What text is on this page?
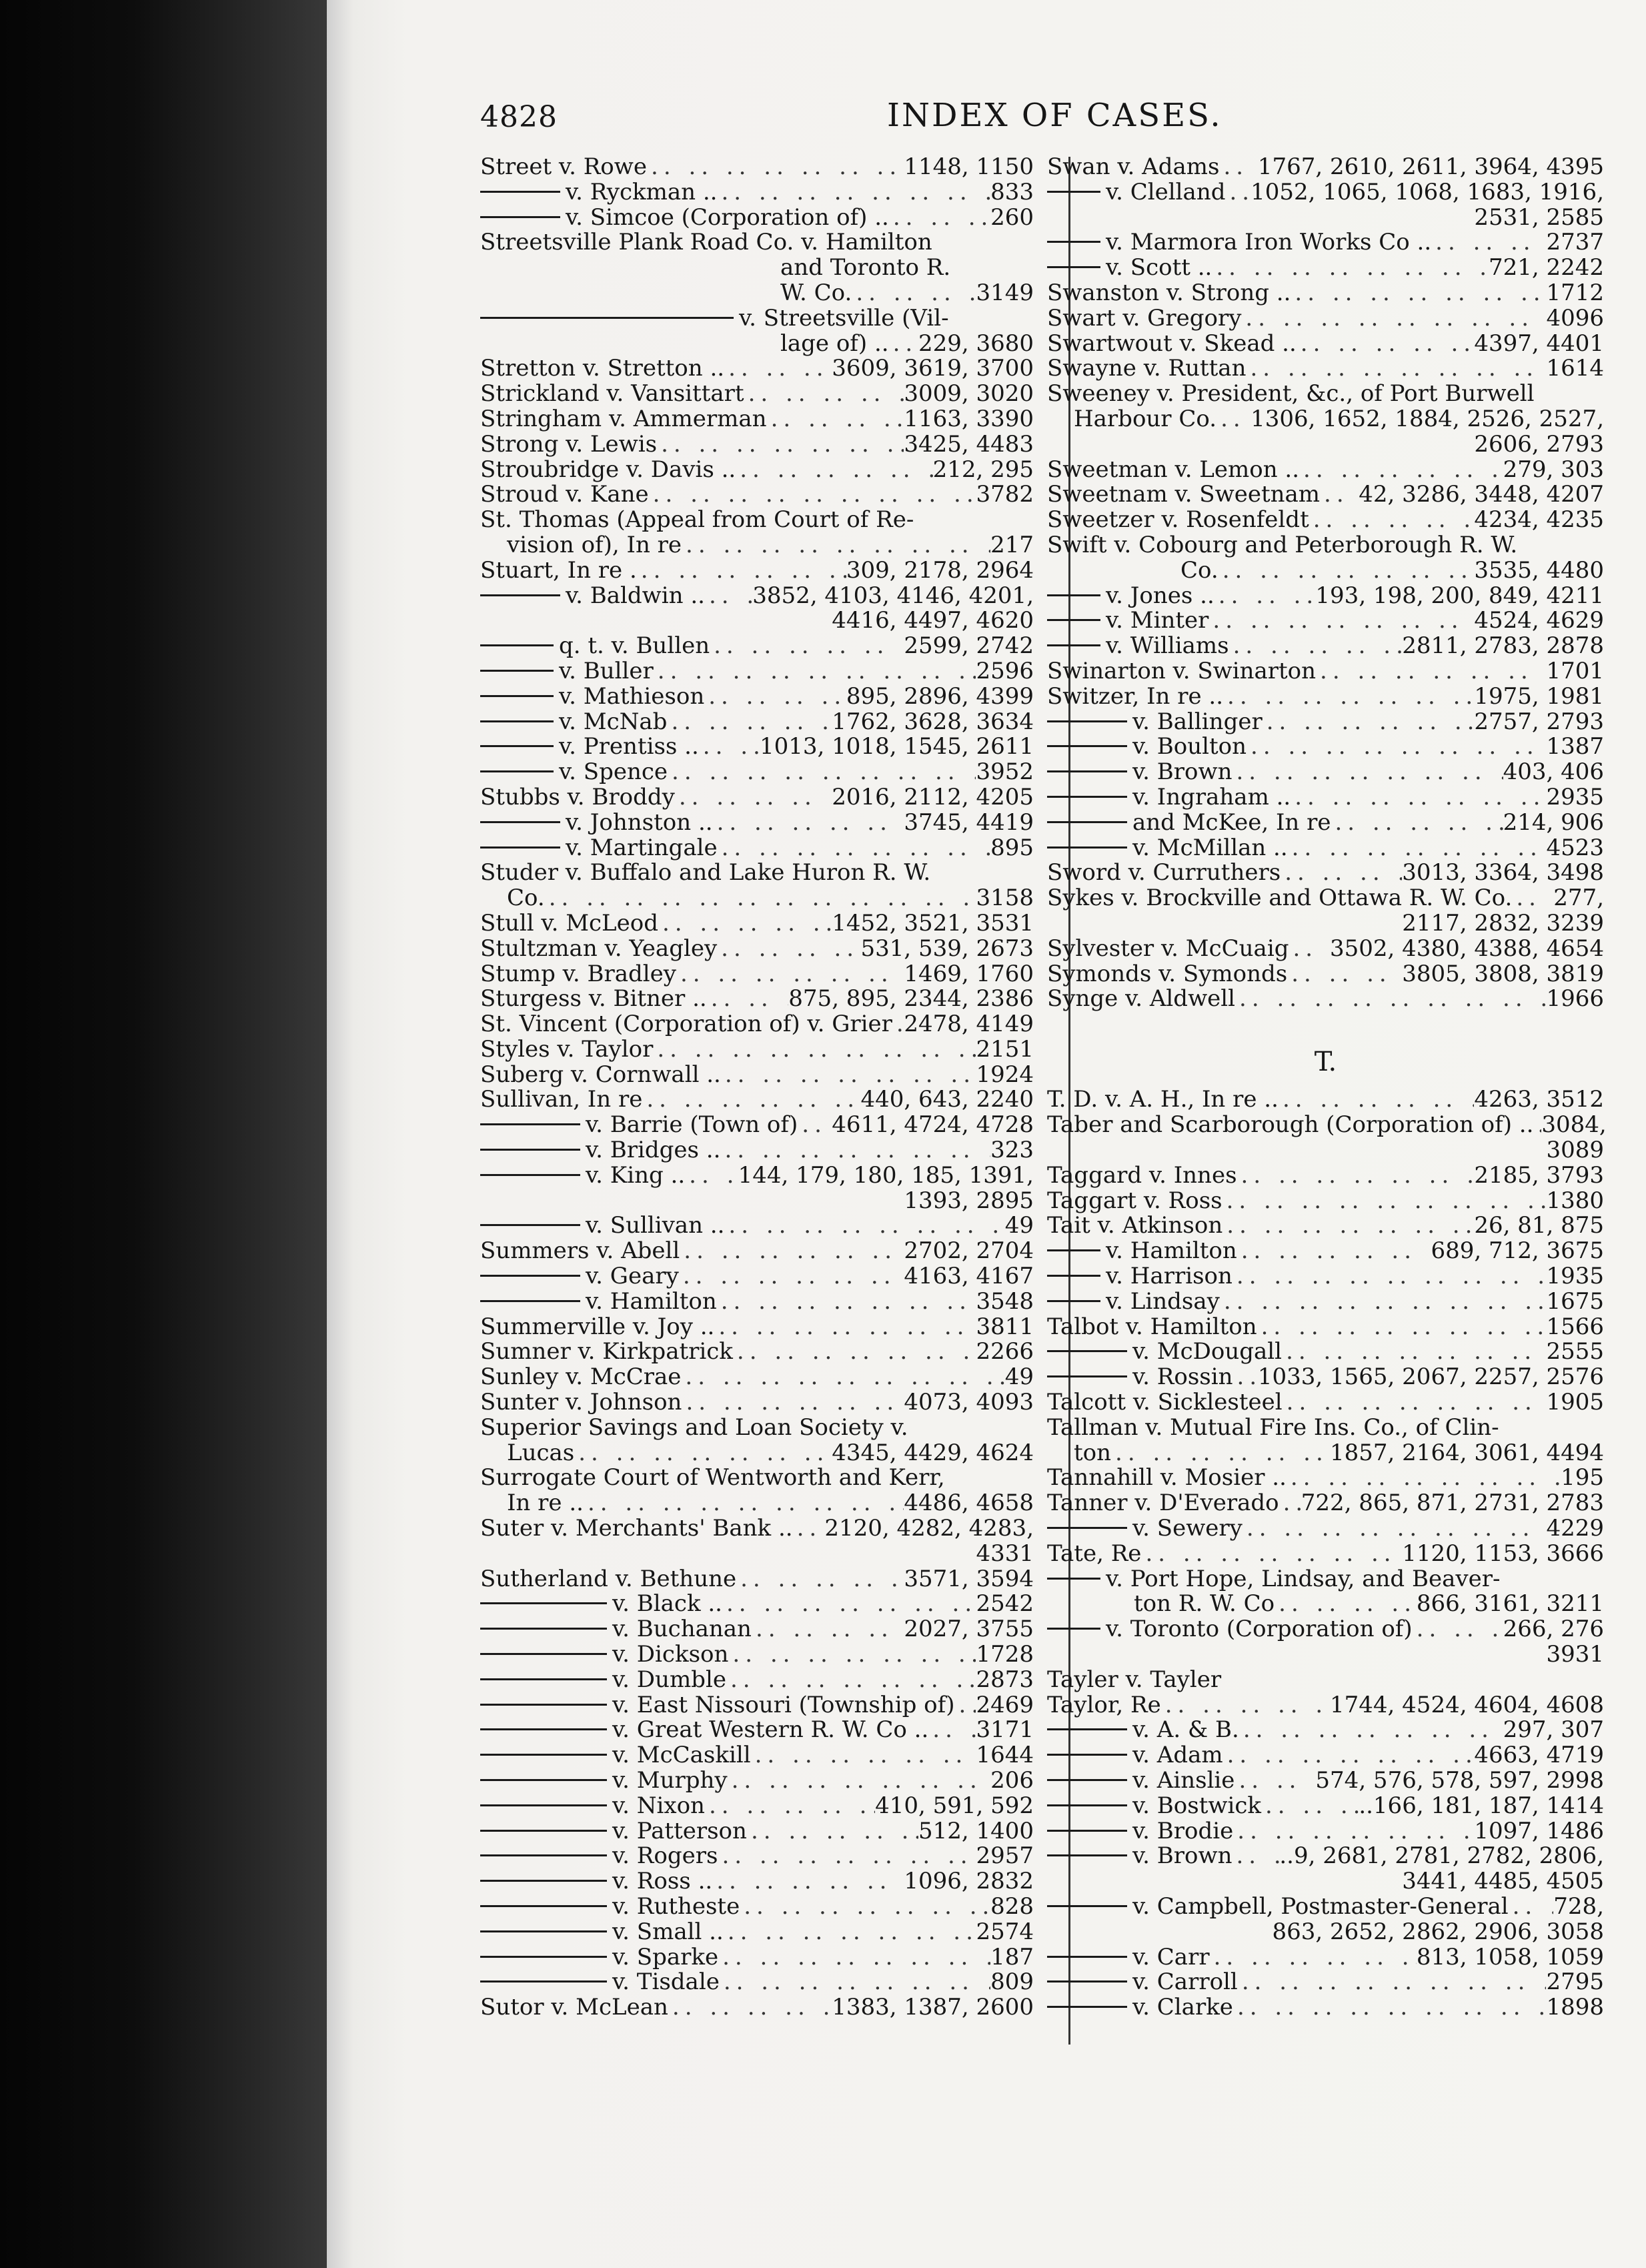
4828	INDEX OF CASES.
Street v. Rowe .. ..	1148, 1150
v. Ryckman .. .. ..	833
v. Simcoe (Corporation of) .. .. ..	260
Streetsville Plank Road Co. v. Hamilton
and Toronto R.
W. Co. .. ..	3149
v. Streetsville (Vil-
lage of) .. .. .. 229, 3680
Stretton v. Stretton .. .. ..	3609, 3619, 3700
Strickland v. Vansittart .. ..	3009, 3020
Stringham v. Ammerman .. ..	1163, 3390
Strong v. Lewis .. ..	3425, 4483
Stroubridge v. Davis .. .. ..	212, 295
Stroud v. Kane .. ..	3782
St. Thomas (Appeal from Court of Re-
vision of), In re .. ..	217
Stuart, In re . .. ..	309, 2178, 2964
v. Baldwin .. .. .. 3852, 4103, 4146, 4201,
4416, 4497, 4620
q. t. v. Bullen .. ..	2599, 2742
v. Buller .. ..	2596
v. Mathieson .. ..	895, 2896, 4399
v. McNab .. ..	1762, 3628, 3634
v. Prentiss .. .. ..	1013, 1018, 1545, 2611
v. Spence .. ..	3952
Stubbs v. Broddy .. ..	2016, 2112, 4205
v. Johnston .. .. ..	3745, 4419
v. Martingale .. ..	895
Studer v. Buffalo and Lake Huron R. W.
Co. .. ..	3158
Stull v. McLeod .. ..	1452, 3521, 3531
Stultzman v. Yeagley .. ..	531, 539, 2673
Stump v. Bradley .. ..	1469, 1760
Sturgess v. Bitner .. .. ..	875, 895, 2344, 2386
St. Vincent (Corporation of) v. Grier .. .. 2478, 4149
Styles v. Taylor .. ..	2151
Suberg v. Cornwall .. .. ..	1924
Sullivan, In re .. ..	440, 643, 2240
v. Barrie (Town of) .. .. 4611, 4724, 4728
v. Bridges .. .. ..	323
v. King .. .. .. 144, 179, 180, 185, 1391,
1393, 2895
v. Sullivan .. .. ..	49
Summers v. Abell .. ..	2702, 2704
v. Geary .. ..	4163, 4167
v. Hamilton .. ..	3548
Summerville v. Joy .. .. ..	3811
Sumner v. Kirkpatrick .. ..	2266
Sunley v. McCrae .. ..	49
Sunter v. Johnson .. ..	4073, 4093
Superior Savings and Loan Society v.
Lucas .. ..	4345, 4429, 4624
Surrogate Court of Wentworth and Kerr,
In re .. .. ..	4486, 4658
Suter v. Merchants' Bank .. .. .. 2120, 4282, 4283,
4331
Sutherland v. Bethune .. ..	3571, 3594
v. Black .. .. ..	2542
v. Buchanan .. ..	2027, 3755
v. Dickson .. ..	1728
v. Dumble .. ..	2873
v. East Nissouri (Township of) .. .. 2469
v. Great Western R. W. Co .. .. .. 3171
v. McCaskill .. ..	1644
v. Murphy .. ..	206
v. Nixon .. ..	410, 591, 592
v. Patterson .. ..	512, 1400
v. Rogers .. ..	2957
v. Ross .. .. ..	1096, 2832
v. Rutheste .. ..	828
v. Small .. .. ..	2574
v. Sparke .. ..	187
v. Tisdale .. ..	809
Sutor v. McLean .. ..	1383, 1387, 2600
Swan v. Adams .. .. 1767, 2610, 2611, 3964, 4395
v. Clelland .. .. 1052, 1065, 1068, 1683, 1916,
2531, 2585
v. Marmora Iron Works Co .. .. ..	2737
v. Scott .. .. ..	721, 2242
Swanston v. Strong .. .. ..	1712
Swart v. Gregory .. ..	4096
Swartwout v. Skead .. .. ..	4397, 4401
Swayne v. Ruttan .. ..	1614
Sweeney v. President, &c., of Port Burwell
Harbour Co. .. .. 1306, 1652, 1884, 2526, 2527,
2606, 2793
Sweetman v. Lemon .. .. ..	279, 303
Sweetnam v. Sweetnam .. .. 42, 3286, 3448, 4207
Sweetzer v. Rosenfeldt .. ..	4234, 4235
Swift v. Cobourg and Peterborough R. W.
Co. .. ..	3535, 4480
v. Jones .. .. ..	193, 198, 200, 849, 4211
v. Minter .. ..	4524, 4629
v. Williams .. ..	2811, 2783, 2878
Swinarton v. Swinarton .. ..	1701
Switzer, In re .. .. ..	1975, 1981
v. Ballinger .. ..	2757, 2793
v. Boulton .. ..	1387
v. Brown .. ..	403, 406
v. Ingraham .. .. ..	2935
and McKee, In re .. ..	214, 906
v. McMillan .. .. ..	4523
Sword v. Curruthers .. ..	3013, 3364, 3498
Sykes v. Brockville and Ottawa R. W. Co. .. .. 277,
2117, 2832, 3239
Sylvester v. McCuaig .. .. 3502, 4380, 4388, 4654
Symonds v. Symonds .. ..	3805, 3808, 3819
Synge v. Aldwell .. ..	1966
T.
T. D. v. A. H., In re .. .. ..	4263, 3512
Taber and Scarborough (Corporation of) .. .. .. 3084,
3089
Taggard v. Innes .. ..	2185, 3793
Taggart v. Ross .. ..	1380
Tait v. Atkinson .. ..	26, 81, 875
v. Hamilton .. ..	689, 712, 3675
v. Harrison .. ..	1935
v. Lindsay .. ..	1675
Talbot v. Hamilton .. ..	1566
v. McDougall .. ..	2555
v. Rossin .. .. 1033, 1565, 2067, 2257, 2576
Talcott v. Sicklesteel .. ..	1905
Tallman v. Mutual Fire Ins. Co., of Clin-
ton .. ..	1857, 2164, 3061, 4494
Tannahill v. Mosier .. .. ..	195
Tanner v. D'Everado .. .. 722, 865, 871, 2731, 2783
v. Sewery .. ..	4229
Tate, Re .. ..	1120, 1153, 3666
v. Port Hope, Lindsay, and Beaver-
ton R. W. Co .. ..	866, 3161, 3211
v. Toronto (Corporation of) .. ..	266, 276
3931
Tayler v. Tayler
Taylor, Re .. ..	1744, 4524, 4604, 4608
v. A. & B. .. ..	297, 307
v. Adam .. ..	4663, 4719
v. Ainslie .. ..	574, 576, 578, 597, 2998
v. Bostwick .. ..	..166, 181, 187, 1414
v. Brodie .. ..	1097, 1486
v. Brown .. .. ..9, 2681, 2781, 2782, 2806,
3441, 4485, 4505
v. Campbell, Postmaster-General .. .. 728,
863, 2652, 2862, 2906, 3058
v. Carr .. ..	813, 1058, 1059
v. Carroll .. ..	2795
v. Clarke .. ..	1898
